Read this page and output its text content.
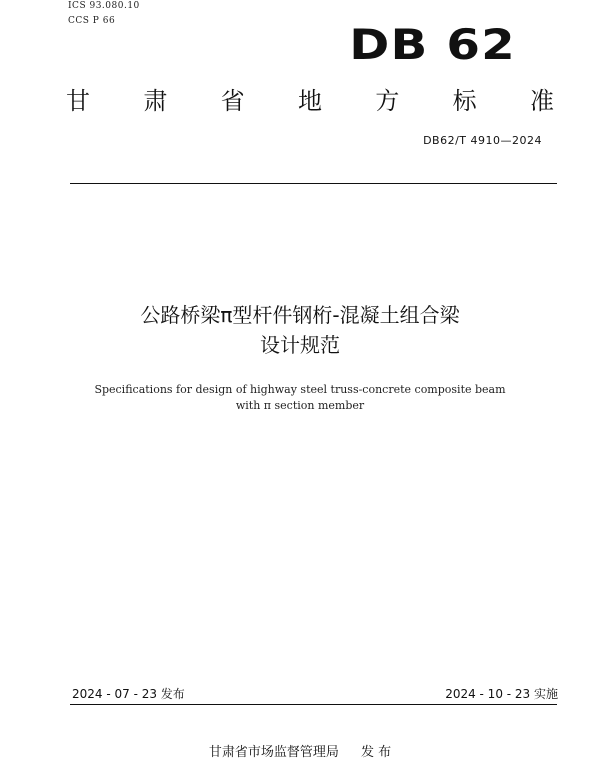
ICS 93.080.10
CCS P 66	DB 62
甘 肃 省 地 方 标 准
DB62/T 4910—2024
公路桥梁π型杆件钢桁-混凝土组合梁
设计规范
Specifications for design of highway steel truss-concrete composite beam
with π section member
2024 - 07 - 23 发布	2024 - 10 - 23 实施
甘肃省市场监督管理局 发 布
